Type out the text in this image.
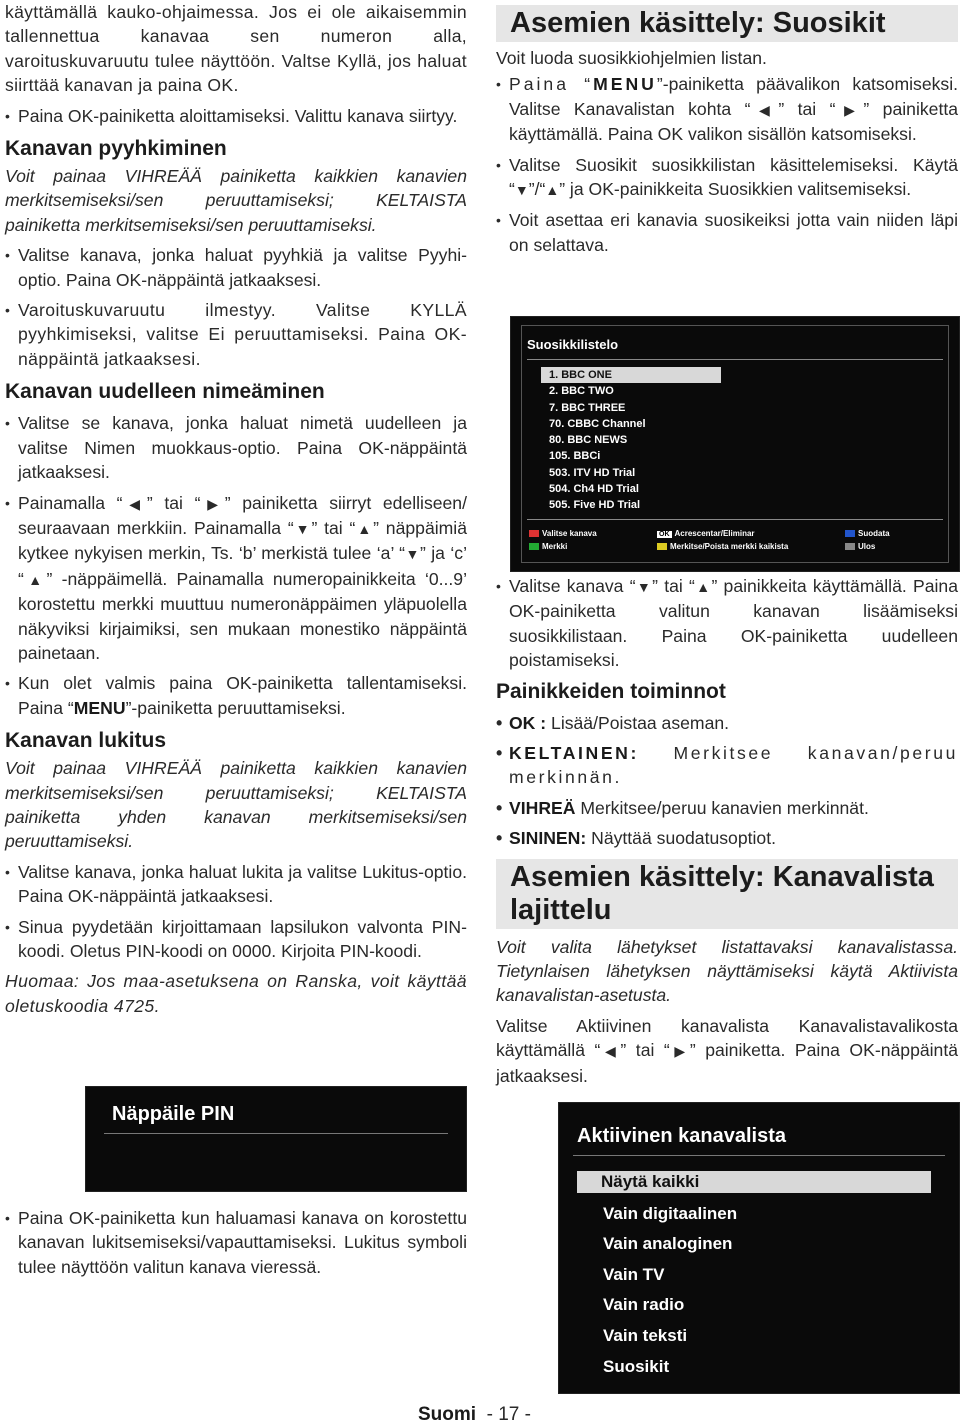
käyttämällä kauko-ohjaimessa. Jos ei ole aikaisemmin tallennettua kanavaa sen numeron alla, varoituskuvaruutu tulee näyttöön. Valtse Kyllä, jos haluat siirttää kanavan ja paina OK.

• Paina OK-painiketta aloittamiseksi. Valittu kanava siirtyy.

Kanavan pyyhkiminen

Voit painaa VIHREÄÄ painiketta kaikkien kanavien merkitsemiseksi/sen peruuttamiseksi; KELTAISTA painiketta merkitsemiseksi/sen peruuttamiseksi.

• Valitse kanava, jonka haluat pyyhkiä ja valitse Pyyhi-optio. Paina OK-näppäintä jatkaaksesi.

• Varoituskuvaruutu ilmestyy. Valitse KYLLÄ pyyhkimiseksi, valitse Ei peruuttamiseksi. Paina OK-näppäintä jatkaaksesi.

Kanavan uudelleen nimeäminen

• Valitse se kanava, jonka haluat nimetä uudelleen ja valitse Nimen muokkaus-optio. Paina OK-näppäintä jatkaaksesi.

• Painamalla “◀” tai “▶” painiketta siirryt edelliseen/ seuraavaan merkkiin. Painamalla “▼” tai “▲” näppäimiä kytkee nykyisen merkin, Ts. ‘b’ merkistä tulee ‘a’ “▼” ja ‘c’ “▲” -näppäimellä. Painamalla numeropainikkeita ‘0...9’ korostettu merkki muuttuu numeronäppäimen yläpuolella näkyviksi kirjaimiksi, sen mukaan monestiko näppäintä painetaan.

• Kun olet valmis paina OK-painiketta tallentamiseksi. Paina “MENU”-painiketta peruuttamiseksi.

Kanavan lukitus

Voit painaa VIHREÄÄ painiketta kaikkien kanavien merkitsemiseksi/sen peruuttamiseksi; KELTAISTA painiketta yhden kanavan merkitsemiseksi/sen peruuttamiseksi.

• Valitse kanava, jonka haluat lukita ja valitse Lukitus-optio. Paina OK-näppäintä jatkaaksesi.

• Sinua pyydetään kirjoittamaan lapsilukon valvonta PIN-koodi. Oletus PIN-koodi on 0000. Kirjoita PIN-koodi.

Huomaa: Jos maa-asetuksena on Ranska, voit käyttää oletuskoodia 4725.

Näppäile PIN

• Paina OK-painiketta kun haluamasi kanava on korostettu kanavan lukitsemiseksi/vapauttamiseksi. Lukitus symboli tulee näyttöön valitun kanava vieressä.

Asemien käsittely: Suosikit

Voit luoda suosikkiohjelmien listan.

• Paina “MENU”-painiketta päävalikon katsomiseksi. Valitse Kanavalistan kohta “◀” tai “▶” painiketta käyttämällä. Paina OK valikon sisällön katsomiseksi.

• Valitse Suosikit suosikkilistan käsittelemiseksi. Käytä “▼”/“▲” ja OK-painikkeita Suosikkien valitsemiseksi.

• Voit asettaa eri kanavia suosikeiksi jotta vain niiden läpi on selattava.

Suosikkilistelo
1. BBC ONE
2. BBC TWO
7. BBC THREE
70. CBBC Channel
80. BBC NEWS
105. BBCi
503. ITV HD Trial
504. Ch4 HD Trial
505. Five HD Trial
Valitse kanava
Merkki
OK Acrescentar/Eliminar
Merkitse/Poista merkki kaikista
Suodata
Ulos

• Valitse kanava “▼” tai “▲” painikkeita käyttämällä. Paina OK-painiketta valitun kanavan lisäämiseksi suosikkilistaan. Paina OK-painiketta uudelleen poistamiseksi.

Painikkeiden toiminnot

• OK : Lisää/Poistaa aseman.

• KELTAINEN: Merkitsee kanavan/peruu merkinnän.

• VIHREÄ Merkitsee/peruu kanavien merkinnät.

• SININEN: Näyttää suodatusoptiot.

Asemien käsittely: Kanavalista lajittelu

Voit valita lähetykset listattavaksi kanavalistassa. Tietynlaisen lähetyksen näyttämiseksi käytä Aktiivista kanavalistan-asetusta.

Valitse Aktiivinen kanavalista Kanavalistavalikosta käyttämällä “◀” tai “▶” painiketta. Paina OK-näppäintä jatkaaksesi.

Aktiivinen kanavalista
Näytä kaikki
Vain digitaalinen
Vain analoginen
Vain TV
Vain radio
Vain teksti
Suosikit
Suomi - 17 -
